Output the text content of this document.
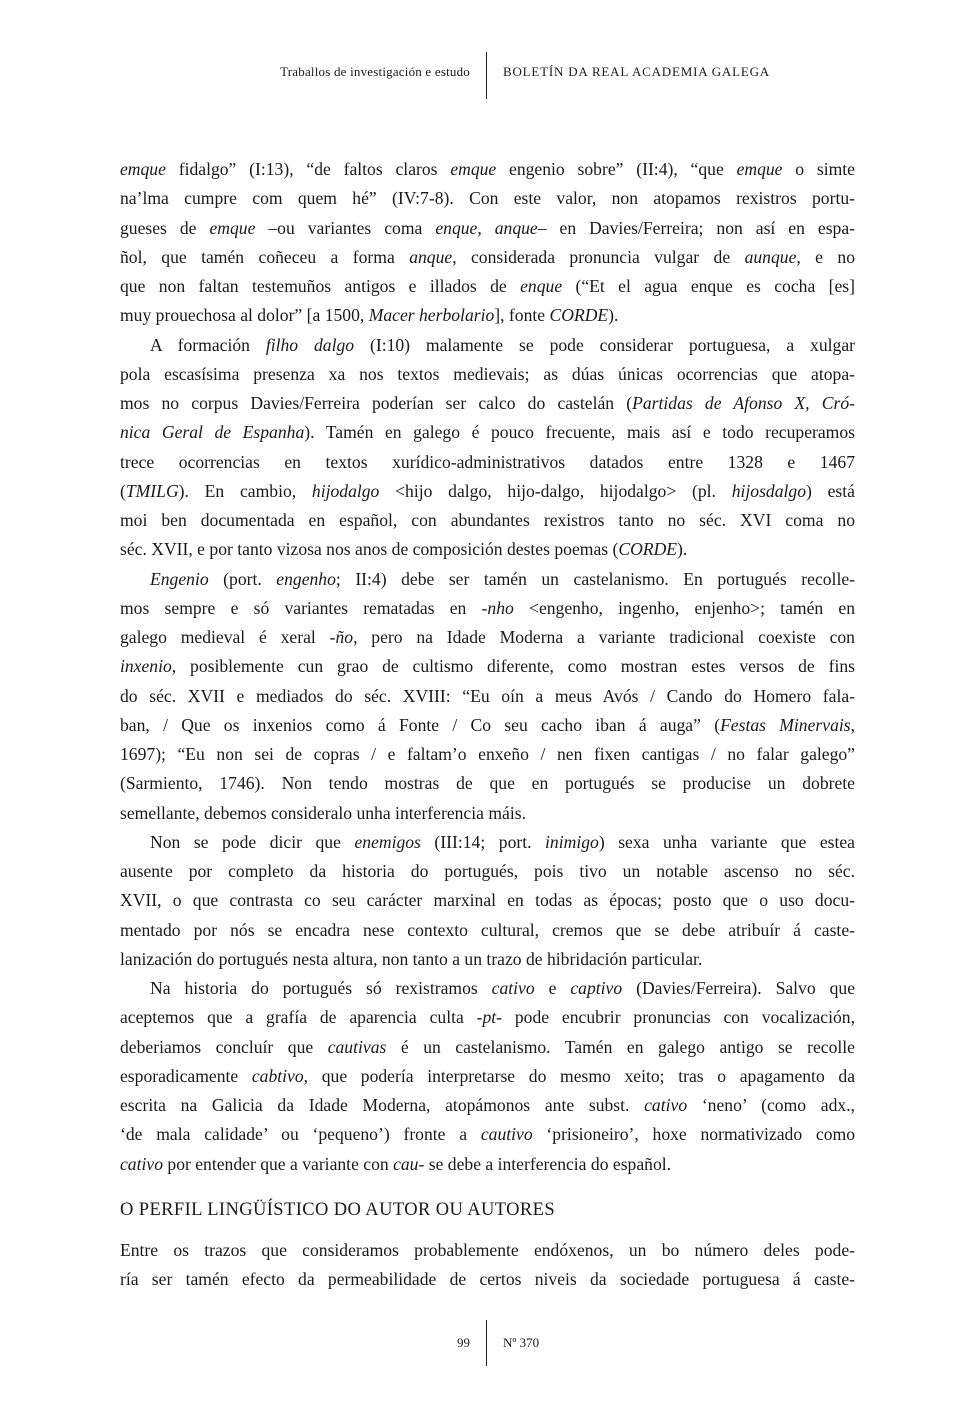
Traballos de investigación e estudo	BOLETÍN DA REAL ACADEMIA GALEGA
emque fidalgo” (I:13), “de faltos claros emque engenio sobre” (II:4), “que emque o simte
na’lma cumpre com quem hé” (IV:7-8). Con este valor, non atopamos rexistros portu-
gueses de emque –ou variantes coma enque, anque– en Davies/Ferreira; non así en espa-
ñol, que tamén coñeceu a forma anque, considerada pronuncia vulgar de aunque, e no
que non faltan testemuños antigos e illados de enque (“Et el agua enque es cocha [es]
muy prouechosa al dolor” [a 1500, Macer herbolario], fonte CORDE).
A formación filho dalgo (I:10) malamente se pode considerar portuguesa, a xulgar
pola escasísima presenza xa nos textos medievais; as dúas únicas ocorrencias que atopa-
mos no corpus Davies/Ferreira poderían ser calco do castelán (Partidas de Afonso X, Cró-
nica Geral de Espanha). Tamén en galego é pouco frecuente, mais así e todo recuperamos
trece ocorrencias en textos xurídico-administrativos datados entre 1328 e 1467
(TMILG). En cambio, hijodalgo <hijo dalgo, hijo-dalgo, hijodalgo> (pl. hijosdalgo) está
moi ben documentada en español, con abundantes rexistros tanto no séc. XVI coma no
séc. XVII, e por tanto vizosa nos anos de composición destes poemas (CORDE).
Engenio (port. engenho; II:4) debe ser tamén un castelanismo. En portugués recolle-
mos sempre e só variantes rematadas en -nho <engenho, ingenho, enjenho>; tamén en
galego medieval é xeral -ño, pero na Idade Moderna a variante tradicional coexiste con
inxenio, posiblemente cun grao de cultismo diferente, como mostran estes versos de fins
do séc. XVII e mediados do séc. XVIII: “Eu oín a meus Avós / Cando do Homero fala-
ban, / Que os inxenios como á Fonte / Co seu cacho iban á auga” (Festas Minervais,
1697); “Eu non sei de copras / e faltam’o enxeño / nen fixen cantigas / no falar galego”
(Sarmiento, 1746). Non tendo mostras de que en portugués se producise un dobrete
semellante, debemos consideralo unha interferencia máis.
Non se pode dicir que enemigos (III:14; port. inimigo) sexa unha variante que estea
ausente por completo da historia do portugués, pois tivo un notable ascenso no séc.
XVII, o que contrasta co seu carácter marxinal en todas as épocas; posto que o uso docu-
mentado por nós se encadra nese contexto cultural, cremos que se debe atribuír á caste-
lanización do portugués nesta altura, non tanto a un trazo de hibridación particular.
Na historia do portugués só rexistramos cativo e captivo (Davies/Ferreira). Salvo que
aceptemos que a grafía de aparencia culta -pt- pode encubrir pronuncias con vocalización,
deberiamos concluír que cautivas é un castelanismo. Tamén en galego antigo se recolle
esporadicamente cabtivo, que podería interpretarse do mesmo xeito; tras o apagamento da
escrita na Galicia da Idade Moderna, atopámonos ante subst. cativo ‘neno’ (como adx.,
‘de mala calidade’ ou ‘pequeno’) fronte a cautivo ‘prisioneiro’, hoxe normativizado como
cativo por entender que a variante con cau- se debe a interferencia do español.
O PERFIL LINGÜÍSTICO DO AUTOR OU AUTORES
Entre os trazos que consideramos probablemente endóxenos, un bo número deles pode-
ría ser tamén efecto da permeabilidade de certos niveis da sociedade portuguesa á caste-
99	Nº 370
